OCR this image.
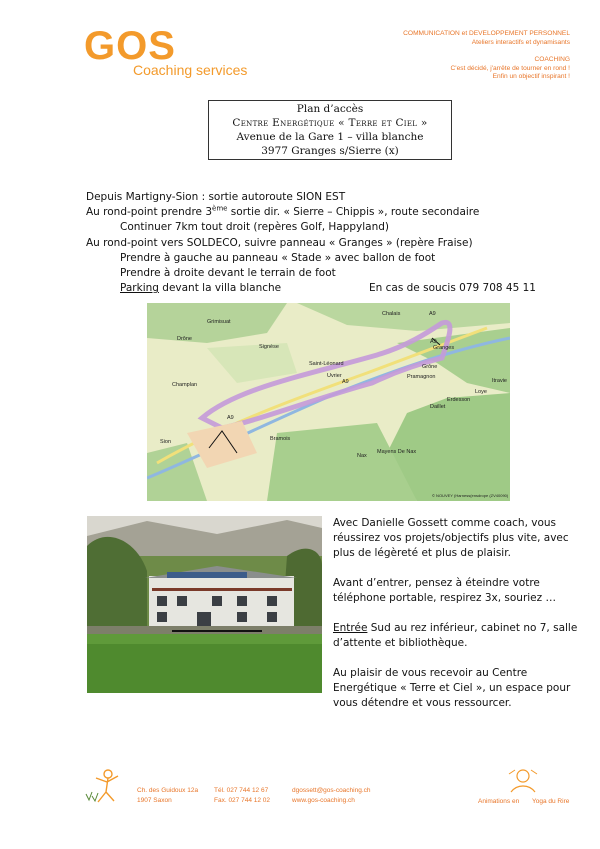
GOS
Coaching services
COMMUNICATION et DEVELOPPEMENT PERSONNEL
Ateliers interactifs et dynamisants
COACHING
C'est décidé, j'arrête de tourner en rond !
Enfin un objectif inspirant !
Plan d’accès
Centre Energétique « Terre et Ciel »
Avenue de la Gare 1 – villa blanche
3977 Granges s/Sierre (x)
Depuis Martigny-Sion : sortie autoroute SION EST
Au rond-point prendre 3ème sortie dir. « Sierre – Chippis », route secondaire
Continuer 7km tout droit (repères Golf, Happyland)
Au rond-point vers SOLDECO, suivre panneau « Granges » (repère Fraise)
Prendre à gauche au panneau « Stade » avec ballon de foot
Prendre à droite devant le terrain de foot
Parking devant la villa blanche	En cas de soucis 079 708 45 11
Drône
Grimisuat
Signèse
Champlan
Saint-Léonard
Uvrier	Pramagnon
Grône
Granges
Chalais
Itravie
Loye
Erdesson
Daillet
Bramois
Sion
Nax
Mayens De Nax
A9
A9
A9
A9
© NOUVEY (Harness(ensdrope (ZV40090)

Avec Danielle Gossett comme coach, vous réussirez vos projets/objectifs plus vite, avec plus de légèreté et plus de plaisir.

Avant d’entrer, pensez à éteindre votre téléphone portable, respirez 3x, souriez …

Entrée Sud au rez inférieur, cabinet no 7, salle d’attente et bibliothèque.

Au plaisir de vous recevoir au Centre Energétique « Terre et Ciel », un espace pour vous détendre et vous ressourcer.

Ch. des Guidoux 12a
1907 Saxon
Tél. 027 744 12 67
Fax. 027 744 12 02
dgossett@gos-coaching.ch
www.gos-coaching.ch	Animations en Yoga du Rire
